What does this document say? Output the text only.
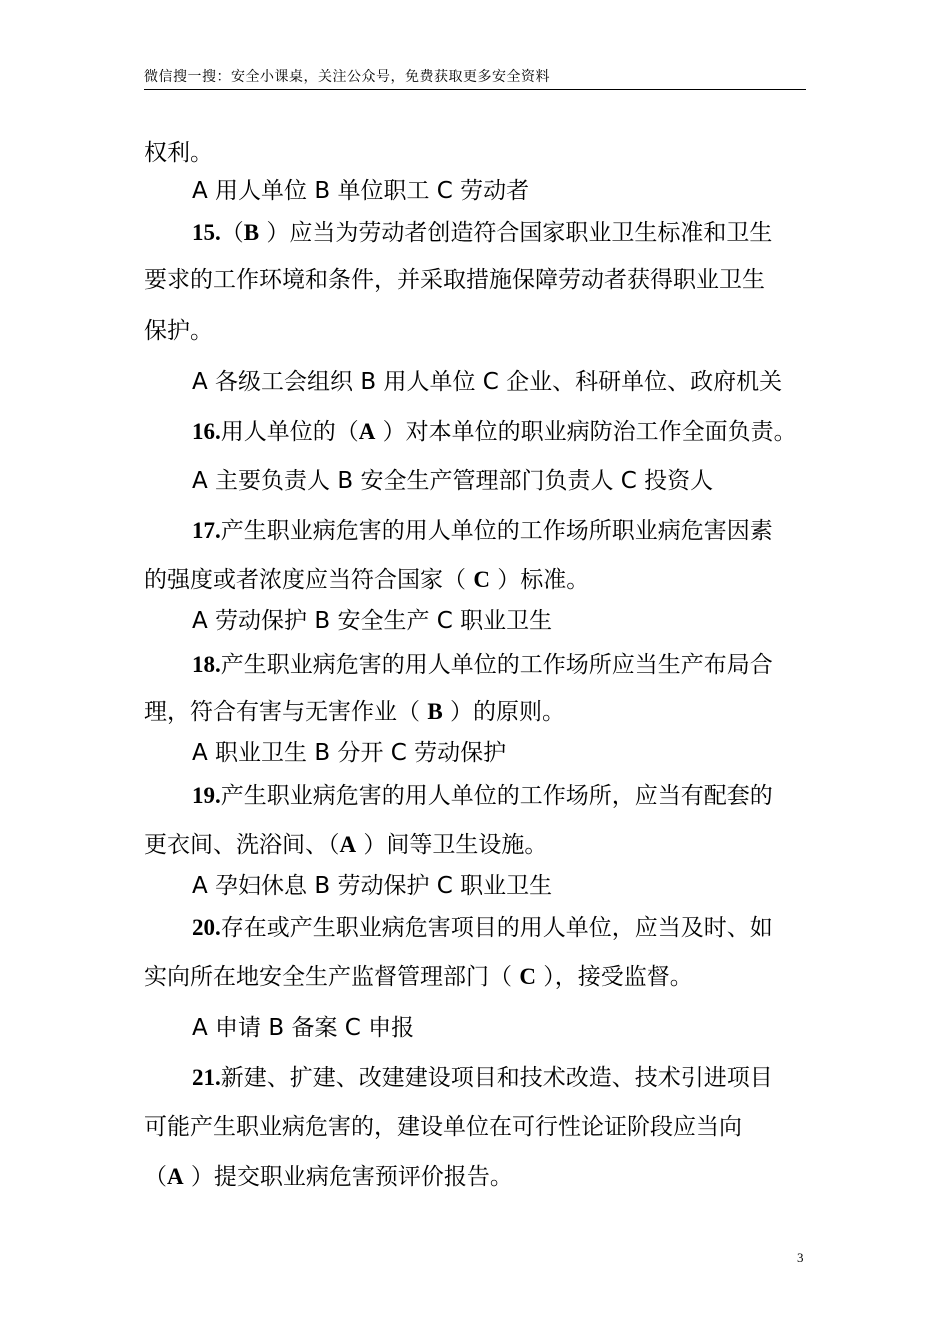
微信搜一搜：安全小课桌，关注公众号，免费获取更多安全资料
权利。
A 用人单位 B 单位职工 C 劳动者
15.（B ）应当为劳动者创造符合国家职业卫生标准和卫生
要求的工作环境和条件，并采取措施保障劳动者获得职业卫生
保护。
A 各级工会组织 B 用人单位 C 企业、科研单位、政府机关
16.用人单位的（A ）对本单位的职业病防治工作全面负责。
A 主要负责人 B 安全生产管理部门负责人 C 投资人
17.产生职业病危害的用人单位的工作场所职业病危害因素
的强度或者浓度应当符合国家（ C ）标准。
A 劳动保护 B 安全生产 C 职业卫生
18.产生职业病危害的用人单位的工作场所应当生产布局合
理，符合有害与无害作业（ B ）的原则。
A 职业卫生 B 分开 C 劳动保护
19.产生职业病危害的用人单位的工作场所，应当有配套的
更衣间、洗浴间、（A ）间等卫生设施。
A 孕妇休息 B 劳动保护 C 职业卫生
20.存在或产生职业病危害项目的用人单位，应当及时、如
实向所在地安全生产监督管理部门（ C ），接受监督。
A 申请 B 备案 C 申报
21.新建、扩建、改建建设项目和技术改造、技术引进项目
可能产生职业病危害的，建设单位在可行性论证阶段应当向
（A ）提交职业病危害预评价报告。
3
